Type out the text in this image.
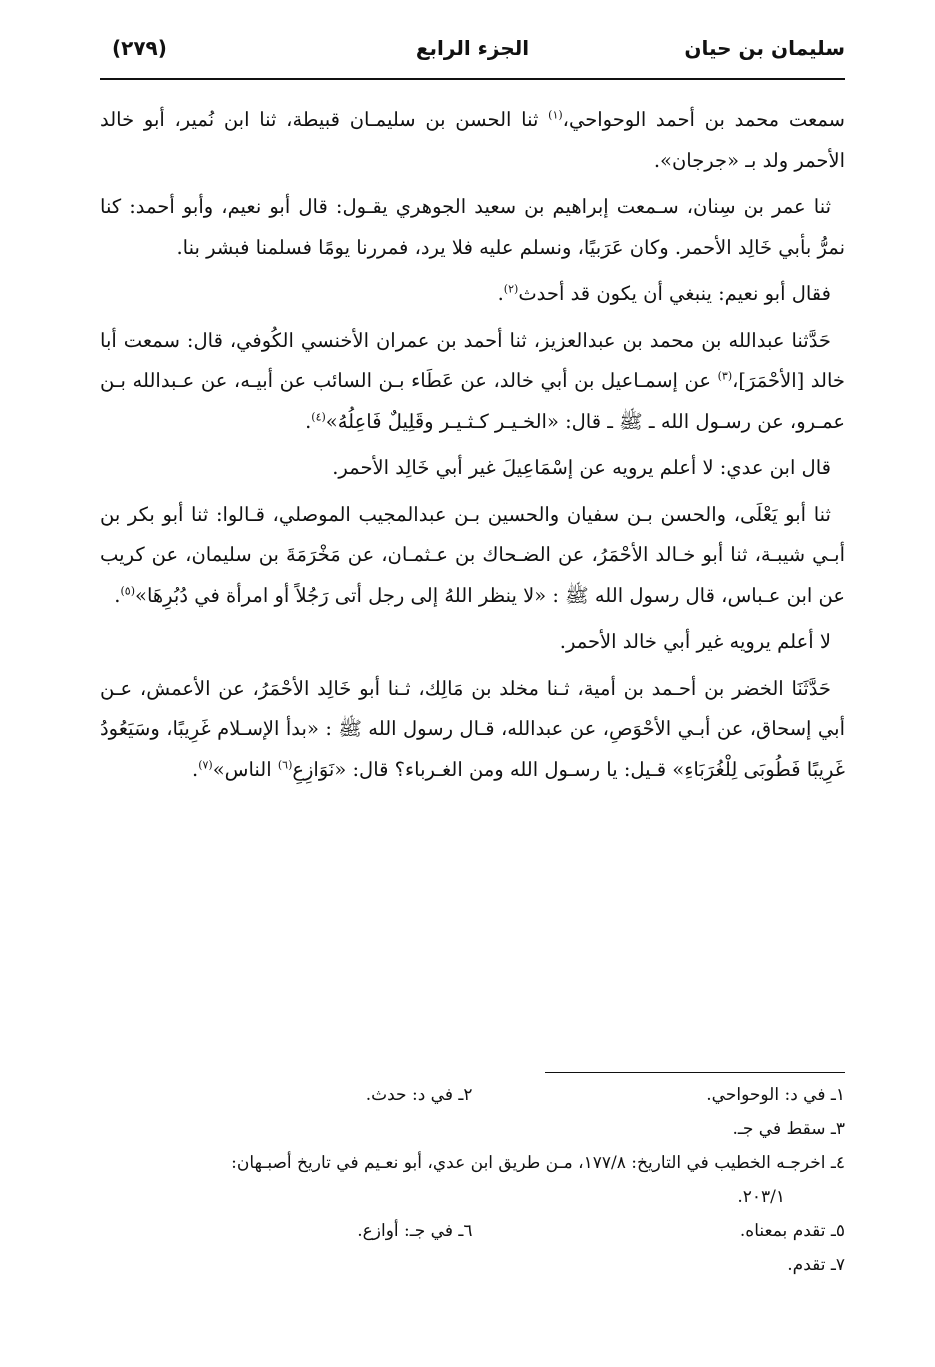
سليمان بن حيان
الجزء الرابع
(٢٧٩)

سمعت محمد بن أحمد الوحواحي،$^{(١)}$ ثنا الحسن بن سليمـان قبيطة، ثنا ابن نُمير، أبو خالد الأحمر ولد بـ «جرجان».

ثنا عمر بن سِنان، سـمعت إبراهيم بن سعيد الجوهري يقـول: قال أبو نعيم، وأبو أحمد: كنا نمرُّ بأبي خَالِد الأحمر. وكان عَرَبيًا، ونسلم عليه فلا يرد، فمررنا يومًا فسلمنا فبشر بنا.

فقال أبو نعيم: ينبغي أن يكون قد أحدث$^{(٢)}$.

حَدَّثنا عبدالله بن محمد بن عبدالعزيز، ثنا أحمد بن عمران الأخنسي الكُوفي، قال: سمعت أبا خالد [الأحْمَرَ]،$^{(٣)}$ عن إسمـاعيل بن أبي خالد، عن عَطَاء بـن السائب عن أبيـه، عن عـبدالله بـن عمـرو، عن رسـول الله ـ ﷺ ـ قال: «الخـيـر كـثـيـر وقَلِيلٌ فَاعِلُهُ»$^{(٤)}$.

قال ابن عدي: لا أعلم يرويه عن إسْمَاعِيلَ غير أبي خَالِد الأحمر.

ثنا أبو يَعْلَى، والحسن بـن سفيان والحسين بـن عبدالمجيب الموصلي، قـالوا: ثنا أبو بكر بن أبـي شيبـة، ثنا أبو خـالد الأحْمَرُ، عن الضـحاك بن عـثمـان، عن مَخْرَمَةَ بن سليمان، عن كريب عن ابن عـباس، قال رسول الله ﷺ : «لا ينظر اللهُ إلى رجل أتى رَجُلاً أو امرأة في دُبُرِهَا»$^{(٥)}$.

لا أعلم يرويه غير أبي خالد الأحمر.

حَدَّثَنَا الخضر بن أحـمد بن أمية، ثـنا مخلد بن مَالِك، ثـنا أبو خَالِد الأحْمَرُ، عن الأعمش، عـن أبي إسحاق، عن أبـي الأحْوَصِ، عن عبدالله، قـال رسول الله ﷺ : «بدأ الإسـلام غَرِيبًا، وسَيَعُودُ غَرِيبًا فَطُوبَى لِلْغُرَبَاءِ» قـيل: يا رسـول الله ومن الغـرباء؟ قال: «نَوَازِعِ$^{(٦)}$ الناس»$^{(٧)}$.

١ـ في د: الوحواحي.
٢ـ في د: حدث.
٣ـ سقط في جـ.
٤ـ اخرجـه الخطيب في التاريخ: ١٧٧/٨، مـن طريق ابن عدي، أبو نعـيم في تاريخ أصبـهان:
٢٠٣/١.
٥ـ تقدم بمعناه.
٦ـ في جـ: أوازع.
٧ـ تقدم.
